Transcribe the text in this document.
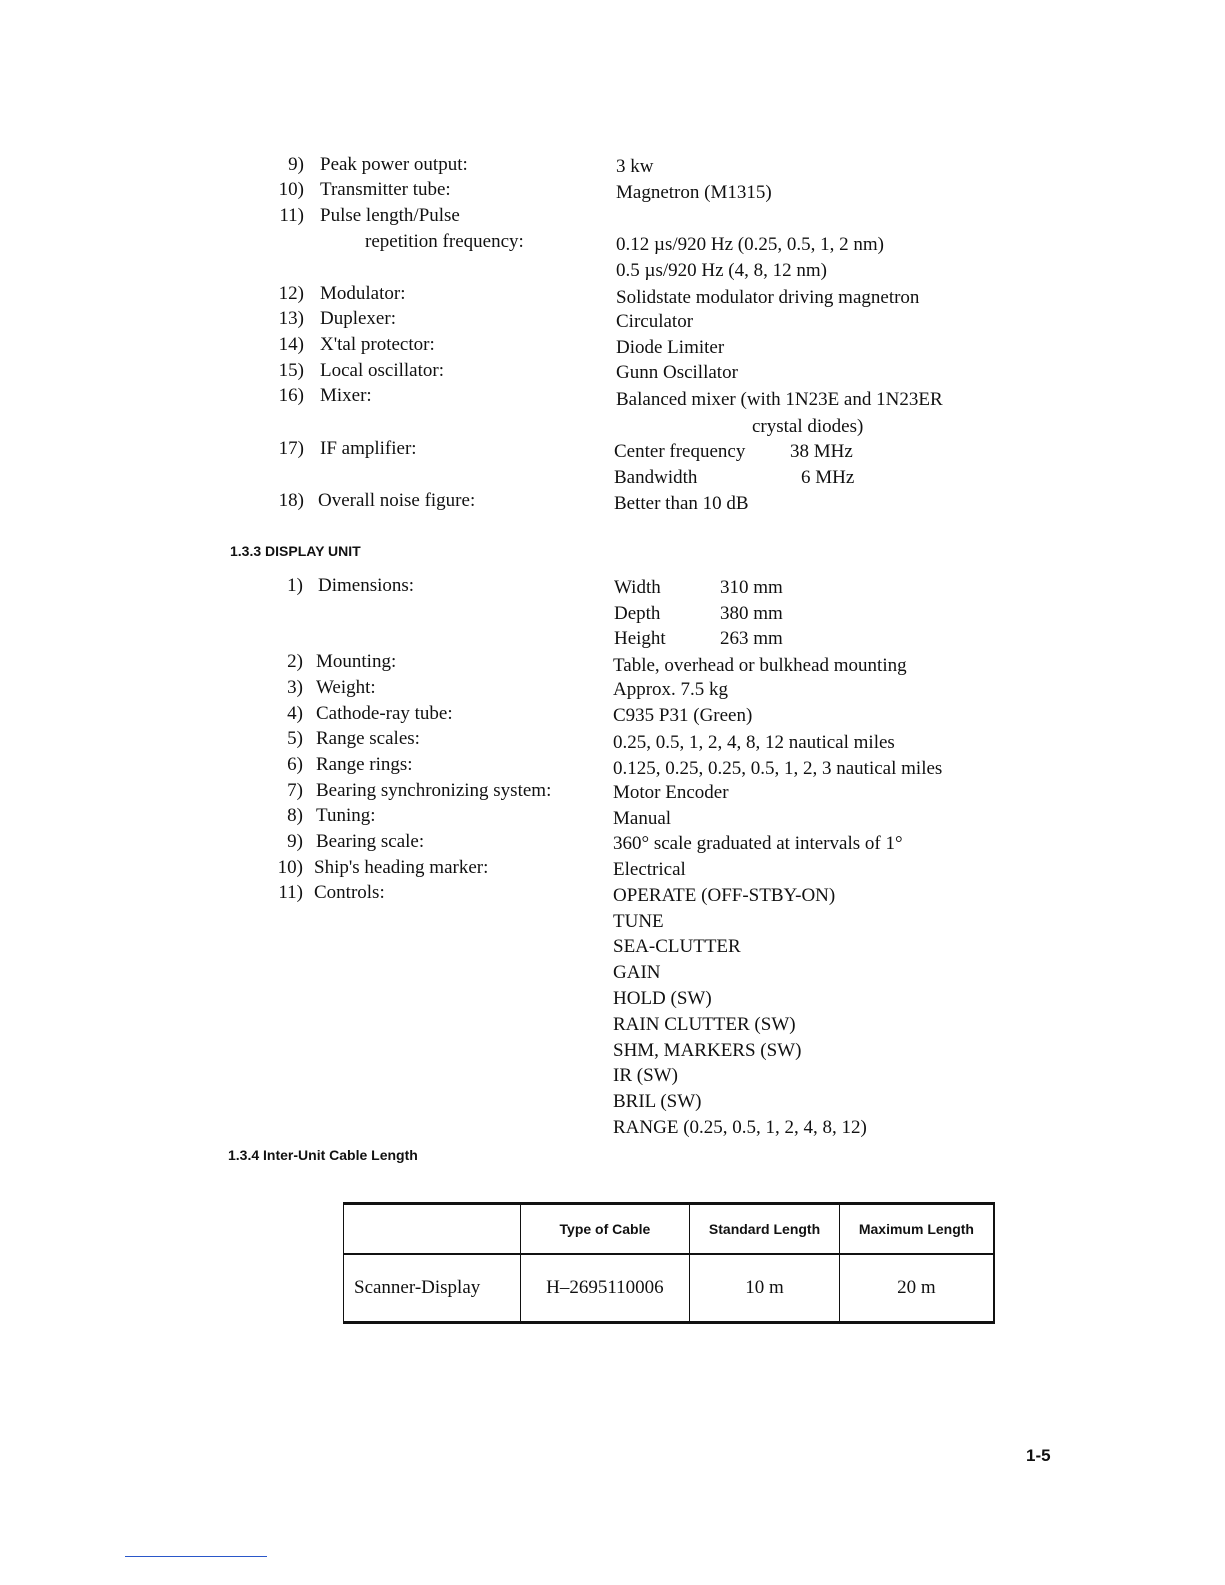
9) Peak power output:	3 kw
10) Transmitter tube:	Magnetron (M1315)
11) Pulse length/Pulse
repetition frequency:	0.12 µs/920 Hz (0.25, 0.5, 1, 2 nm)
0.5 µs/920 Hz (4, 8, 12 nm)
12) Modulator:	Solidstate modulator driving magnetron
13) Duplexer:	Circulator
14) X'tal protector:	Diode Limiter
15) Local oscillator:	Gunn Oscillator
16) Mixer:	Balanced mixer (with 1N23E and 1N23ER
crystal diodes)
17) IF amplifier:	Center frequency 38 MHz
Bandwidth	6 MHz
18) Overall noise figure:	Better than 10 dB
1.3.3 DISPLAY UNIT
1) Dimensions:	Width	310 mm
Depth	380 mm
Height	263 mm
2) Mounting:	Table, overhead or bulkhead mounting
3) Weight:	Approx. 7.5 kg
4) Cathode-ray tube:	C935 P31 (Green)
5) Range scales:	0.25, 0.5, 1, 2, 4, 8, 12 nautical miles
6) Range rings:	0.125, 0.25, 0.25, 0.5, 1, 2, 3 nautical miles
7) Bearing synchronizing system:	Motor Encoder
8) Tuning:	Manual
9) Bearing scale:	360° scale graduated at intervals of 1°
10) Ship's heading marker:	Electrical
11) Controls:	OPERATE (OFF-STBY-ON)
TUNE
SEA-CLUTTER
GAIN
HOLD (SW)
RAIN CLUTTER (SW)
SHM, MARKERS (SW)
IR (SW)
BRIL (SW)
RANGE (0.25, 0.5, 1, 2, 4, 8, 12)
1.3.4 Inter-Unit Cable Length
	Type of Cable	Standard Length	Maximum Length
Scanner-Display	H–2695110006	10 m	20 m
1-5
